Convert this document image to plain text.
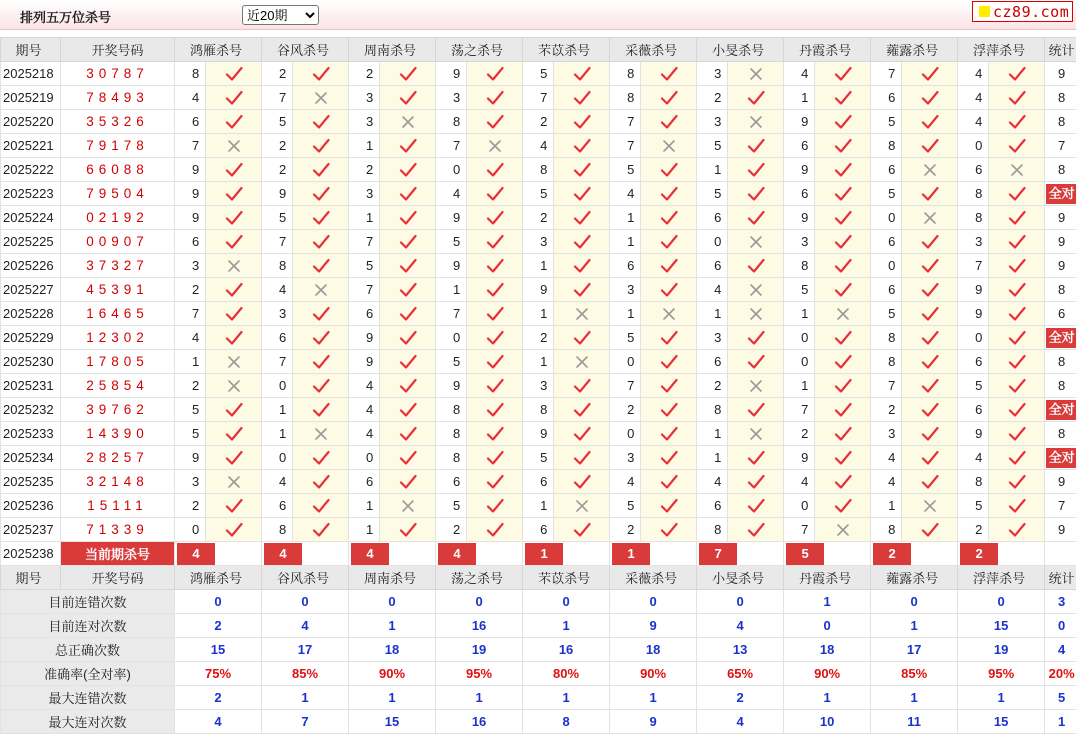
排列五万位杀号
近20期	cz89.com
期号	开奖号码	鸿雁杀号		谷风杀号		周南杀号		荡之杀号		芣苡杀号		采薇杀号		小旻杀号		丹霞杀号		蕹露杀号		浮萍杀号		统计
2025218	30787	8		2		2		9		5		8		3		4		7		4		9
2025219	78493	4		7		3		3		7		8		2		1		6		4		8
2025220	35326	6		5		3		8		2		7		3		9		5		4		8
2025221	79178	7		2		1		7		4		7		5		6		8		0		7
2025222	66088	9		2		2		0		8		5		1		9		6		6		8
2025223	79504	9		9		3		4		5		4		5		6		5		8		全对
2025224	02192	9		5		1		9		2		1		6		9		0		8		9
2025225	00907	6		7		7		5		3		1		0		3		6		3		9
2025226	37327	3		8		5		9		1		6		6		8		0		7		9
2025227	45391	2		4		7		1		9		3		4		5		6		9		8
2025228	16465	7		3		6		7		1		1		1		1		5		9		6
2025229	12302	4		6		9		0		2		5		3		0		8		0		全对
2025230	17805	1		7		9		5		1		0		6		0		8		6		8
2025231	25854	2		0		4		9		3		7		2		1		7		5		8
2025232	39762	5		1		4		8		8		2		8		7		2		6		全对
2025233	14390	5		1		4		8		9		0		1		2		3		9		8
2025234	28257	9		0		0		8		5		3		1		9		4		4		全对
2025235	32148	3		4		6		6		6		4		4		4		4		8		9
2025236	15111	2		6		1		5		1		5		6		0		1		5		7
2025237	71339	0		8		1		2		6		2		8		7		8		2		9
2025238	当前期杀号	4		4		4		4		1		1		7		5		2		2		
期号	开奖号码	鸿雁杀号		谷风杀号		周南杀号		荡之杀号		芣苡杀号		采薇杀号		小旻杀号		丹霞杀号		蕹露杀号		浮萍杀号		统计
目前连错次数		0		0		0		0		0		0		0		1		0		0		3
目前连对次数		2		4		1		16		1		9		4		0		1		15		0
总正确次数		15		17		18		19		16		18		13		18		17		19		4
准确率(全对率)		75%		85%		90%		95%		80%		90%		65%		90%		85%		95%		20%
最大连错次数		2		1		1		1		1		1		2		1		1		1		5
最大连对次数		4		7		15		16		8		9		4		10		11		15		1
